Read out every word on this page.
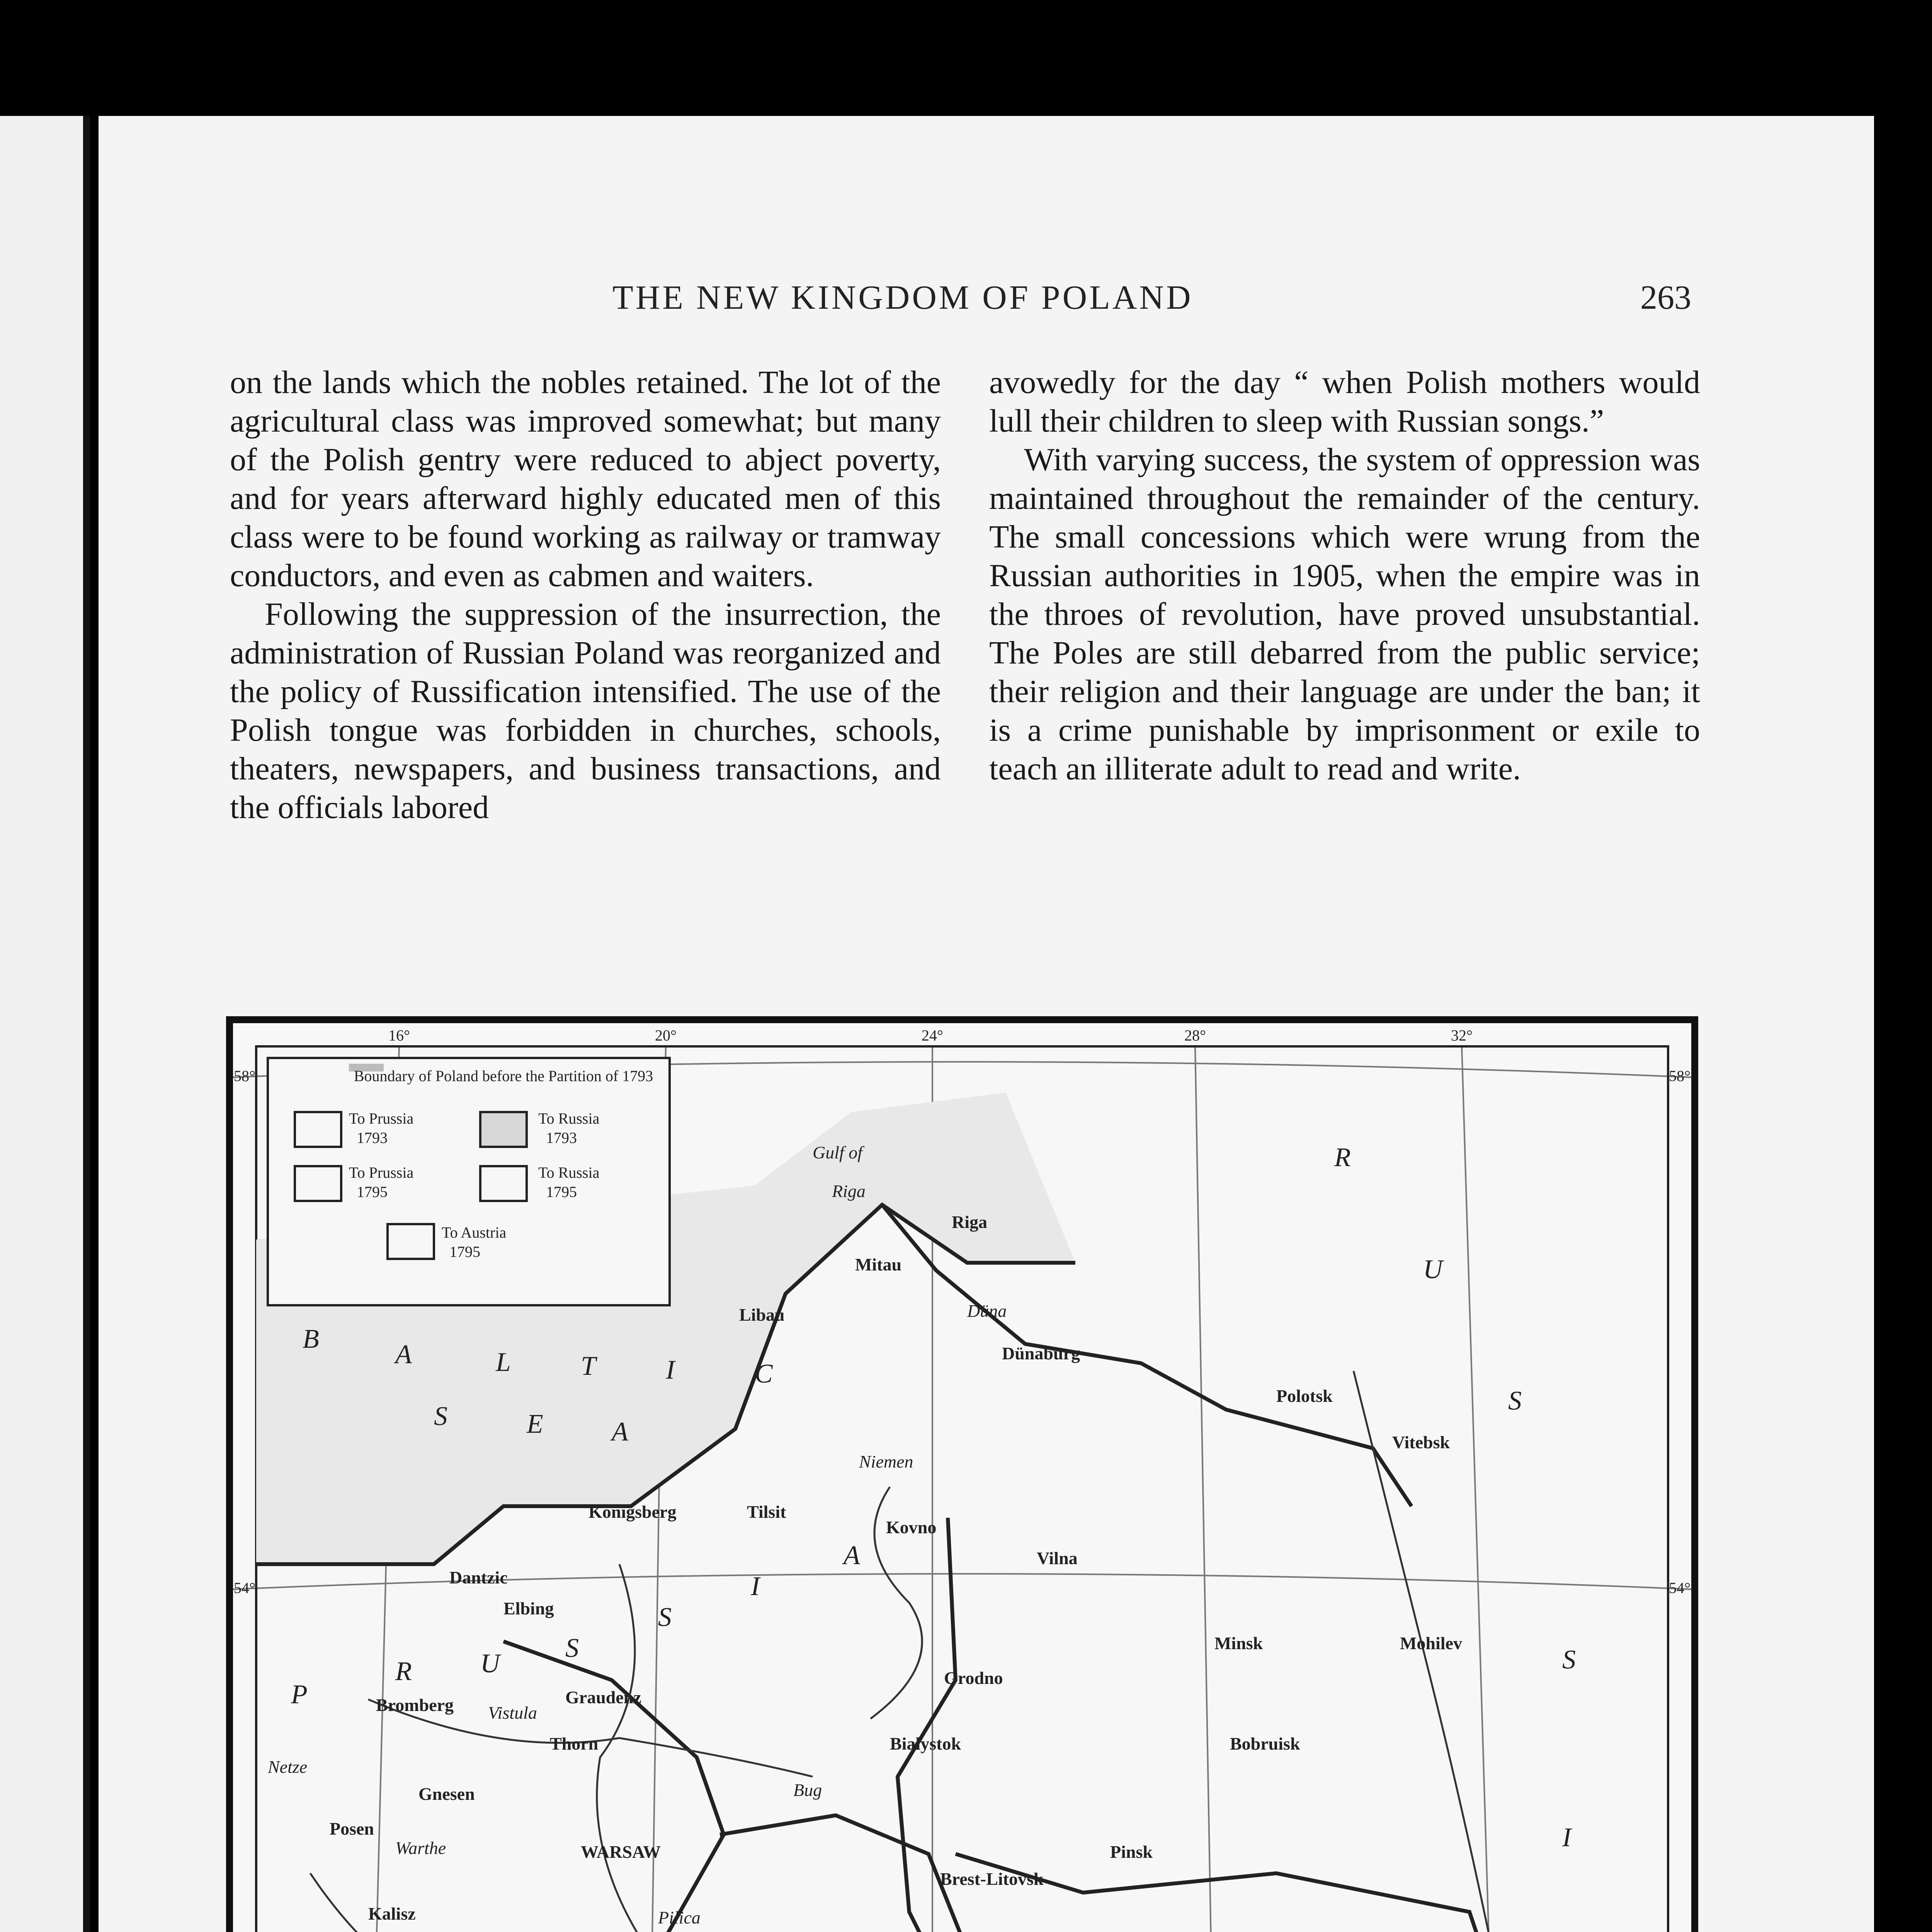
THE NEW KINGDOM OF POLAND	263

on the lands which the nobles retained. The lot of the agricultural class was improved somewhat; but many of the Polish gentry were reduced to abject poverty, and for years afterward highly educated men of this class were to be found working as railway or tramway conductors, and even as cabmen and waiters.

Following the suppression of the insurrection, the administration of Russian Poland was reorganized and the policy of Russification intensified. The use of the Polish tongue was forbidden in churches, schools, theaters, newspapers, and business transactions, and the officials labored

avowedly for the day “ when Polish mothers would lull their children to sleep with Russian songs.”

With varying success, the system of oppression was maintained throughout the remainder of the century. The small concessions which were wrung from the Russian authorities in 1905, when the empire was in the throes of revolution, have proved unsubstantial. The Poles are still debarred from the public service; their religion and their language are under the ban; it is a crime punishable by imprisonment or exile to teach an illiterate adult to read and write.

Boundary of Poland before the Partition of 1793
To Prussia
1793
To Russia
1793
To Prussia
1795
To Russia
1795
To Austria
1795
16°	20°	24°	28°	32°
58°	58°
54°	54°
B
A	L	T	I	C
S	E	A
P
R	U
S
S
I
A
R
U
S
S
I
Gulf of
Riga
Düna
Niemen
Vistula
Netze
Warthe
Pilica
Bug
Riga
Mitau
Libau
Dünaburg
Polotsk
Vitebsk
Königsberg	Tilsit
Kovno
Vilna
Dantzic
Elbing
Minsk	Mohilev
Bromberg	Graudenz
Grodno
Thorn	Bialystok	Bobruisk
Gnesen
Posen
WARSAW	Pinsk
Brest-Litovsk
Kalisz
